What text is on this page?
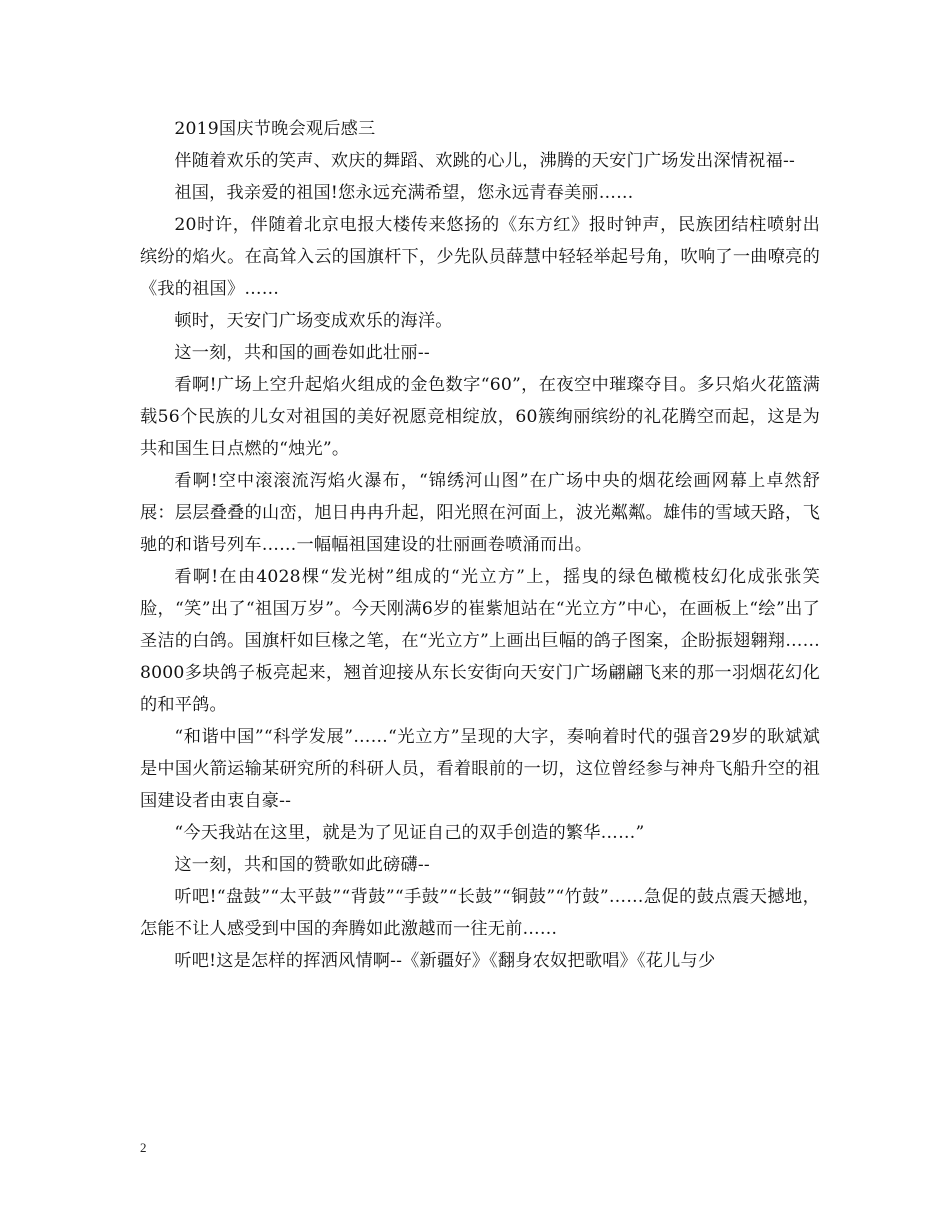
2019国庆节晚会观后感三

伴随着欢乐的笑声、欢庆的舞蹈、欢跳的心儿，沸腾的天安门广场发出深情祝福--

祖国，我亲爱的祖国!您永远充满希望，您永远青春美丽……

20时许，伴随着北京电报大楼传来悠扬的《东方红》报时钟声，民族团结柱喷射出缤纷的焰火。在高耸入云的国旗杆下，少先队员薛慧中轻轻举起号角，吹响了一曲嘹亮的《我的祖国》……

顿时，天安门广场变成欢乐的海洋。

这一刻，共和国的画卷如此壮丽--

看啊!广场上空升起焰火组成的金色数字“60”，在夜空中璀璨夺目。多只焰火花篮满载56个民族的儿女对祖国的美好祝愿竞相绽放，60簇绚丽缤纷的礼花腾空而起，这是为共和国生日点燃的“烛光”。

看啊!空中滚滚流泻焰火瀑布，“锦绣河山图”在广场中央的烟花绘画网幕上卓然舒展：层层叠叠的山峦，旭日冉冉升起，阳光照在河面上，波光粼粼。雄伟的雪域天路，飞驰的和谐号列车……一幅幅祖国建设的壮丽画卷喷涌而出。

看啊!在由4028棵“发光树”组成的“光立方”上，摇曳的绿色橄榄枝幻化成张张笑脸，“笑”出了“祖国万岁”。今天刚满6岁的崔紫旭站在“光立方”中心，在画板上“绘”出了圣洁的白鸽。国旗杆如巨椽之笔，在“光立方”上画出巨幅的鸽子图案，企盼振翅翱翔……8000多块鸽子板亮起来，翘首迎接从东长安街向天安门广场翩翩飞来的那一羽烟花幻化的和平鸽。

“和谐中国”“科学发展”……“光立方”呈现的大字，奏响着时代的强音29岁的耿斌斌是中国火箭运输某研究所的科研人员，看着眼前的一切，这位曾经参与神舟飞船升空的祖国建设者由衷自豪--

“今天我站在这里，就是为了见证自己的双手创造的繁华……”

这一刻，共和国的赞歌如此磅礴--

听吧!“盘鼓”“太平鼓”“背鼓”“手鼓”“长鼓”“铜鼓”“竹鼓”……急促的鼓点震天撼地，怎能不让人感受到中国的奔腾如此激越而一往无前……

听吧!这是怎样的挥洒风情啊--《新疆好》《翻身农奴把歌唱》《花儿与少

2
